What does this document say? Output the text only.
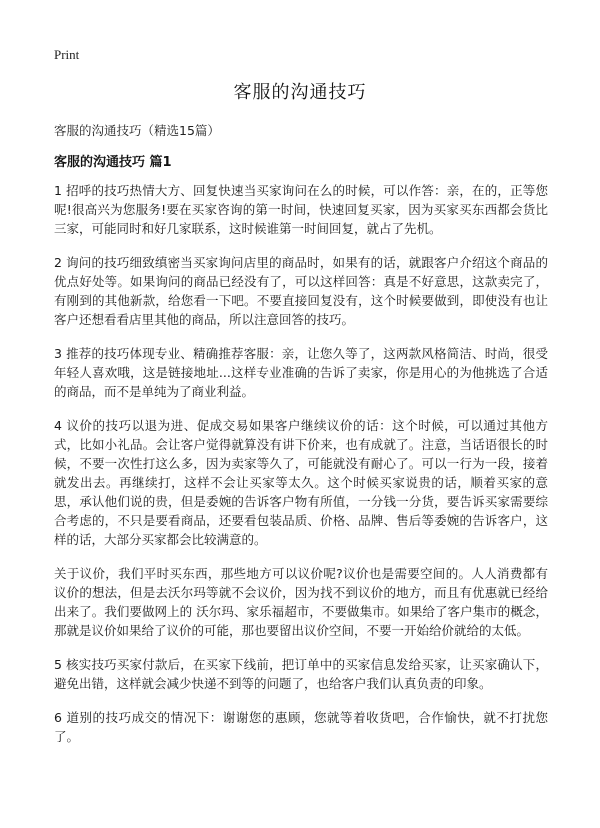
Print
客服的沟通技巧
客服的沟通技巧（精选15篇）
客服的沟通技巧 篇1

1 招呼的技巧热情大方、回复快速当买家询问在么的时候，可以作答：亲，在的，正等您呢!很高兴为您服务!要在买家咨询的第一时间，快速回复买家，因为买家买东西都会货比三家，可能同时和好几家联系，这时候谁第一时间回复，就占了先机。

2 询问的技巧细致缜密当买家询问店里的商品时，如果有的话，就跟客户介绍这个商品的优点好处等。如果询问的商品已经没有了，可以这样回答：真是不好意思，这款卖完了，有刚到的其他新款，给您看一下吧。不要直接回复没有，这个时候要做到，即使没有也让客户还想看看店里其他的商品，所以注意回答的技巧。

3 推荐的技巧体现专业、精确推荐客服：亲，让您久等了，这两款风格简洁、时尚，很受年轻人喜欢哦，这是链接地址...这样专业准确的告诉了卖家，你是用心的为他挑选了合适的商品，而不是单纯为了商业利益。

4 议价的技巧以退为进、促成交易如果客户继续议价的话：这个时候，可以通过其他方式，比如小礼品。会让客户觉得就算没有讲下价来，也有成就了。注意，当话语很长的时候，不要一次性打这么多，因为卖家等久了，可能就没有耐心了。可以一行为一段，接着就发出去。再继续打，这样不会让买家等太久。这个时候买家说贵的话，顺着买家的意思，承认他们说的贵，但是委婉的告诉客户物有所值，一分钱一分货，要告诉买家需要综合考虑的，不只是要看商品，还要看包装品质、价格、品牌、售后等委婉的告诉客户，这样的话，大部分买家都会比较满意的。

关于议价，我们平时买东西，那些地方可以议价呢?议价也是需要空间的。人人消费都有议价的想法，但是去沃尔玛等就不会议价，因为找不到议价的地方，而且有优惠就已经给出来了。我们要做网上的 沃尔玛、家乐福超市，不要做集市。如果给了客户集市的概念，那就是议价如果给了议价的可能，那也要留出议价空间，不要一开始给价就给的太低。

5 核实技巧买家付款后，在买家下线前，把订单中的买家信息发给买家，让买家确认下，避免出错，这样就会减少快递不到等的问题了，也给客户我们认真负责的印象。

6 道别的技巧成交的情况下：谢谢您的惠顾，您就等着收货吧，合作愉快，就不打扰您了。
